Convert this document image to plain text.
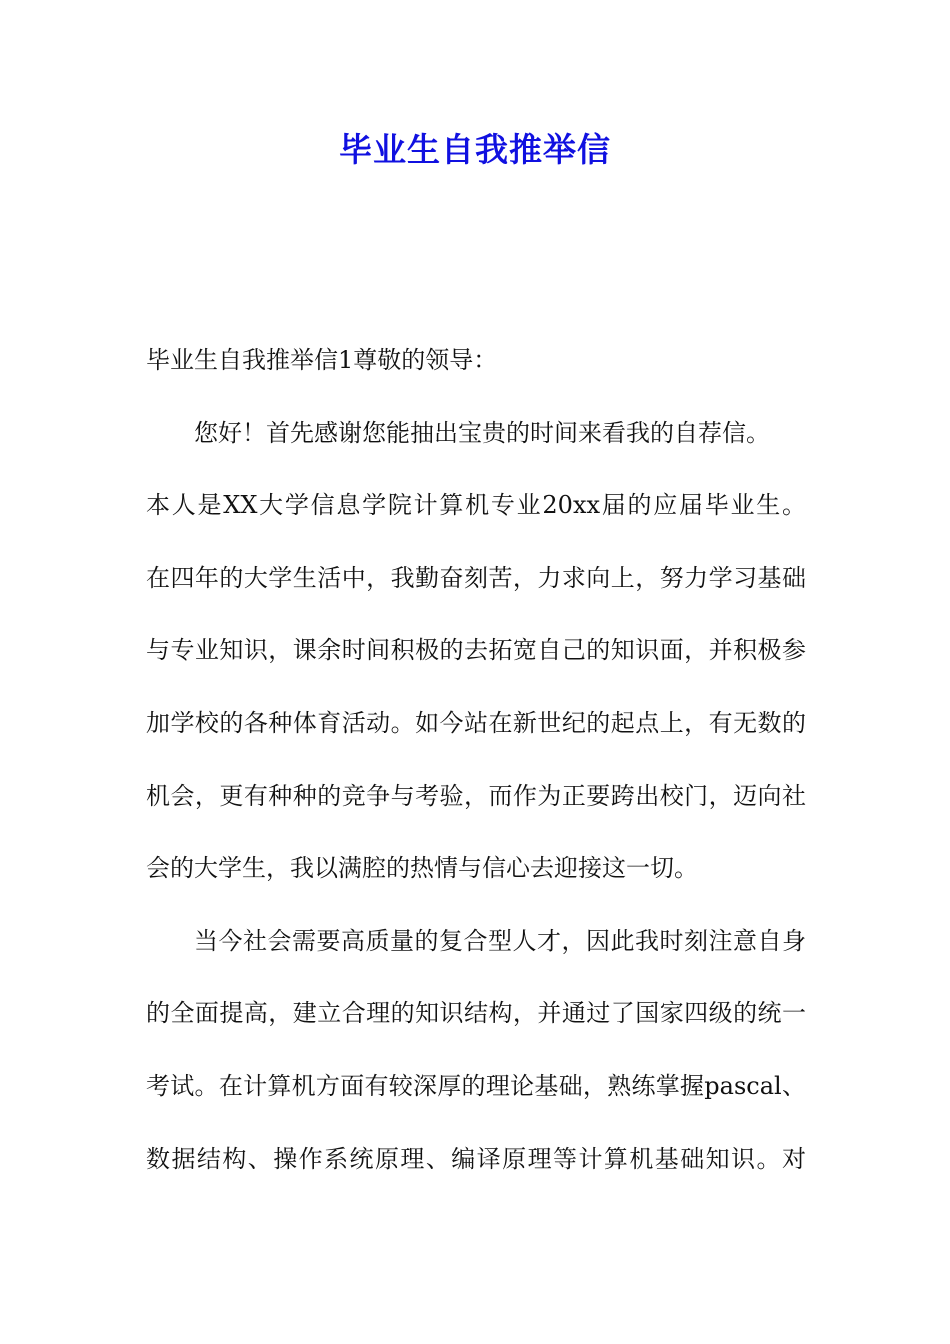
毕业生自我推举信
毕业生自我推举信1尊敬的领导：
您好！首先感谢您能抽出宝贵的时间来看我的自荐信。
本人是XX大学信息学院计算机专业20xx届的应届毕业生。
在四年的大学生活中，我勤奋刻苦，力求向上，努力学习基础
与专业知识，课余时间积极的去拓宽自己的知识面，并积极参
加学校的各种体育活动。如今站在新世纪的起点上，有无数的
机会，更有种种的竞争与考验，而作为正要跨出校门，迈向社
会的大学生，我以满腔的热情与信心去迎接这一切。
当今社会需要高质量的复合型人才，因此我时刻注意自身
的全面提高，建立合理的知识结构，并通过了国家四级的统一
考试。在计算机方面有较深厚的理论基础，熟练掌握pascal、
数据结构、操作系统原理、编译原理等计算机基础知识。对
